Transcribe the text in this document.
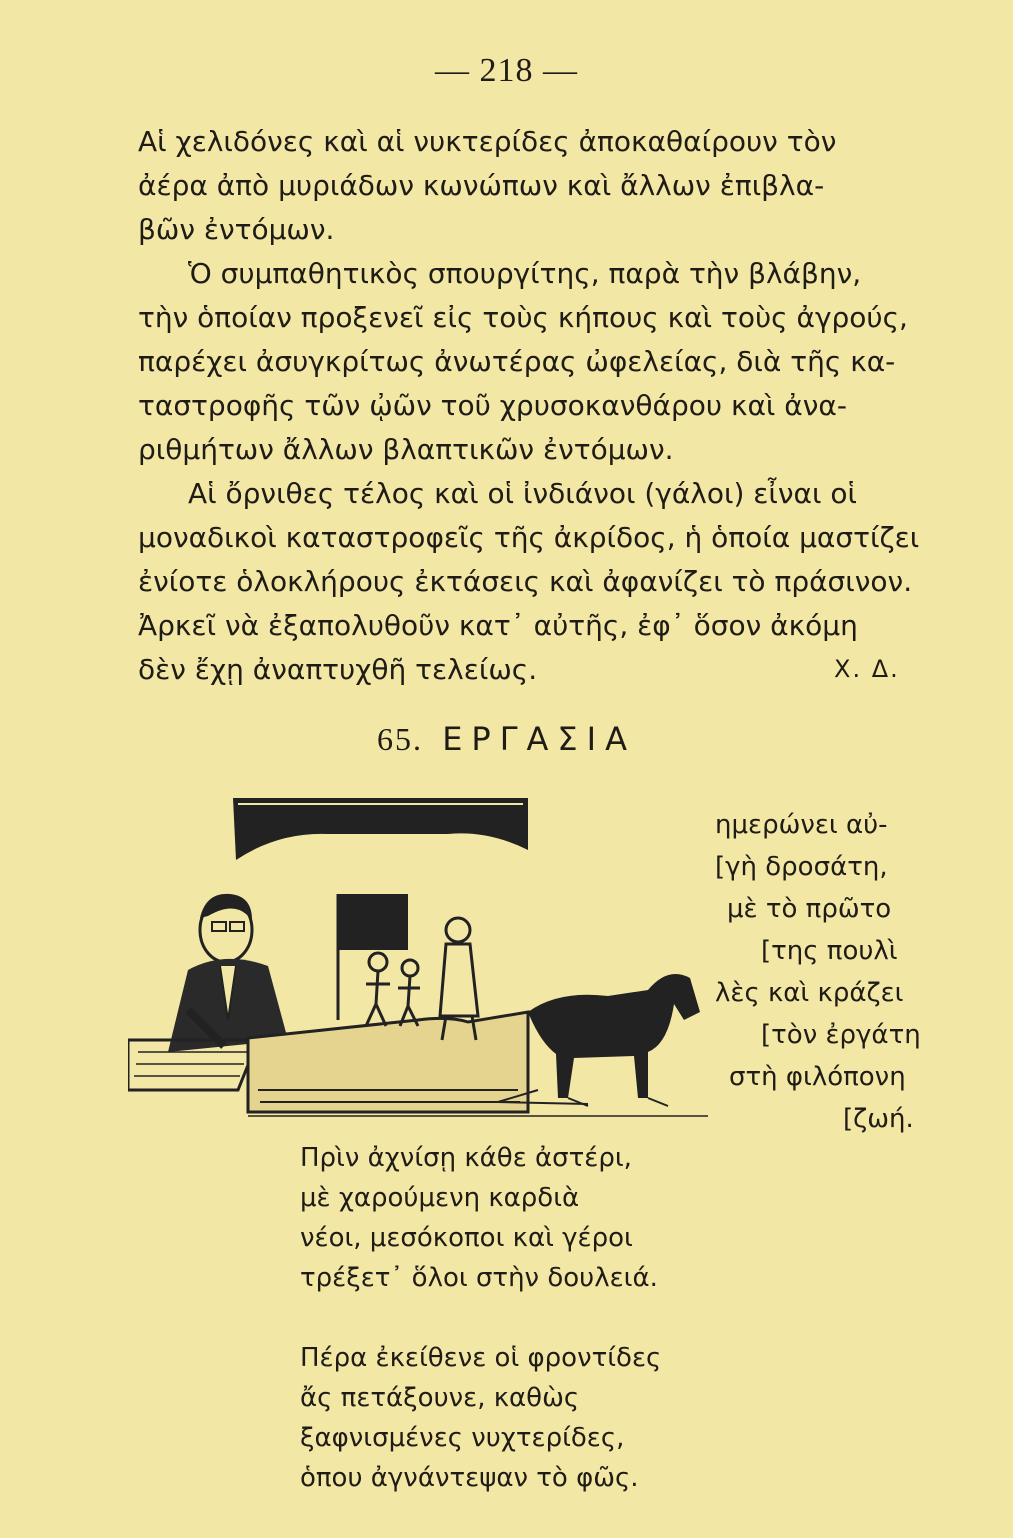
— 218 —

Αἱ χελιδόνες καὶ αἱ νυκτερίδες ἀποκαθαίρουν τὸν
ἀέρα ἀπὸ μυριάδων κωνώπων καὶ ἄλλων ἐπιβλα-
βῶν ἐντόμων.

Ὁ συμπαθητικὸς σπουργίτης, παρὰ τὴν βλάβην,
τὴν ὁποίαν προξενεῖ εἰς τοὺς κήπους καὶ τοὺς ἀγρούς,
παρέχει ἀσυγκρίτως ἀνωτέρας ὠφελείας, διὰ τῆς κα-
ταστροφῆς τῶν ᾠῶν τοῦ χρυσοκανθάρου καὶ ἀνα-
ριθμήτων ἄλλων βλαπτικῶν ἐντόμων.

Αἱ ὄρνιθες τέλος καὶ οἱ ἰνδιάνοι (γάλοι) εἶναι οἱ
μοναδικοὶ καταστροφεῖς τῆς ἀκρίδος, ἡ ὁποία μαστίζει
ἐνίοτε ὁλοκλήρους ἐκτάσεις καὶ ἀφανίζει τὸ πράσινον.
Ἀρκεῖ νὰ ἐξαπολυθοῦν κατ᾽ αὐτῆς, ἐφ᾽ ὅσον ἀκόμη
δὲν ἔχῃ ἀναπτυχθῆ τελείως.	Χ. Δ.
65. ΕΡΓΑΣΙΑ
ημερώνει αὐ-
[γὴ δροσάτη,
μὲ τὸ πρῶτο
[της πουλὶ
λὲς καὶ κράζει
[τὸν ἐργάτη
στὴ φιλόπονη
[ζωή.
Πρὶν ἀχνίσῃ κάθε ἀστέρι,
μὲ χαρούμενη καρδιὰ
νέοι, μεσόκοποι καὶ γέροι
τρέξετ᾽ ὅλοι στὴν δουλειά.
Πέρα ἐκείθενε οἱ φροντίδες
ἄς πετάξουνε, καθὼς
ξαφνισμένες νυχτερίδες,
ὁπου ἀγνάντεψαν τὸ φῶς.
